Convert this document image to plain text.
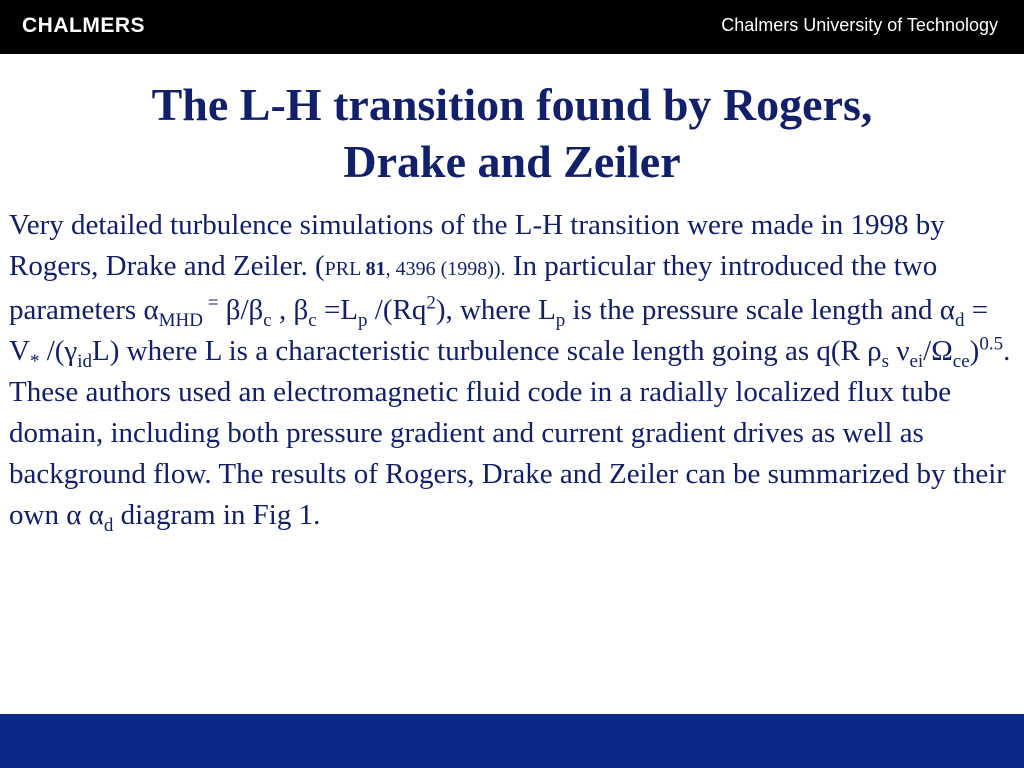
CHALMERS	Chalmers University of Technology
The L-H transition found by Rogers,
Drake and Zeiler
Very detailed turbulence simulations of the L-H transition were made in 1998 by Rogers, Drake and Zeiler. (PRL 81, 4396 (1998)). In particular they introduced the two parameters $\alpha_{MHD}$ = $\beta/\beta_c$ , $\beta_c =L_p$ /(Rq$^2$), where $L_p$ is the pressure scale length and $\alpha_d = V_*$ $/(\gamma_{id}L)$ where L is a characteristic turbulence scale length going as q(R $\rho_s$ $\nu_{ei}/\Omega_{ce})^{0.5}$. These authors used an electromagnetic fluid code in a radially localized flux tube domain, including both pressure gradient and current gradient drives as well as background flow. The results of Rogers, Drake and Zeiler can be summarized by their own α $\alpha_d$ diagram in Fig 1.
